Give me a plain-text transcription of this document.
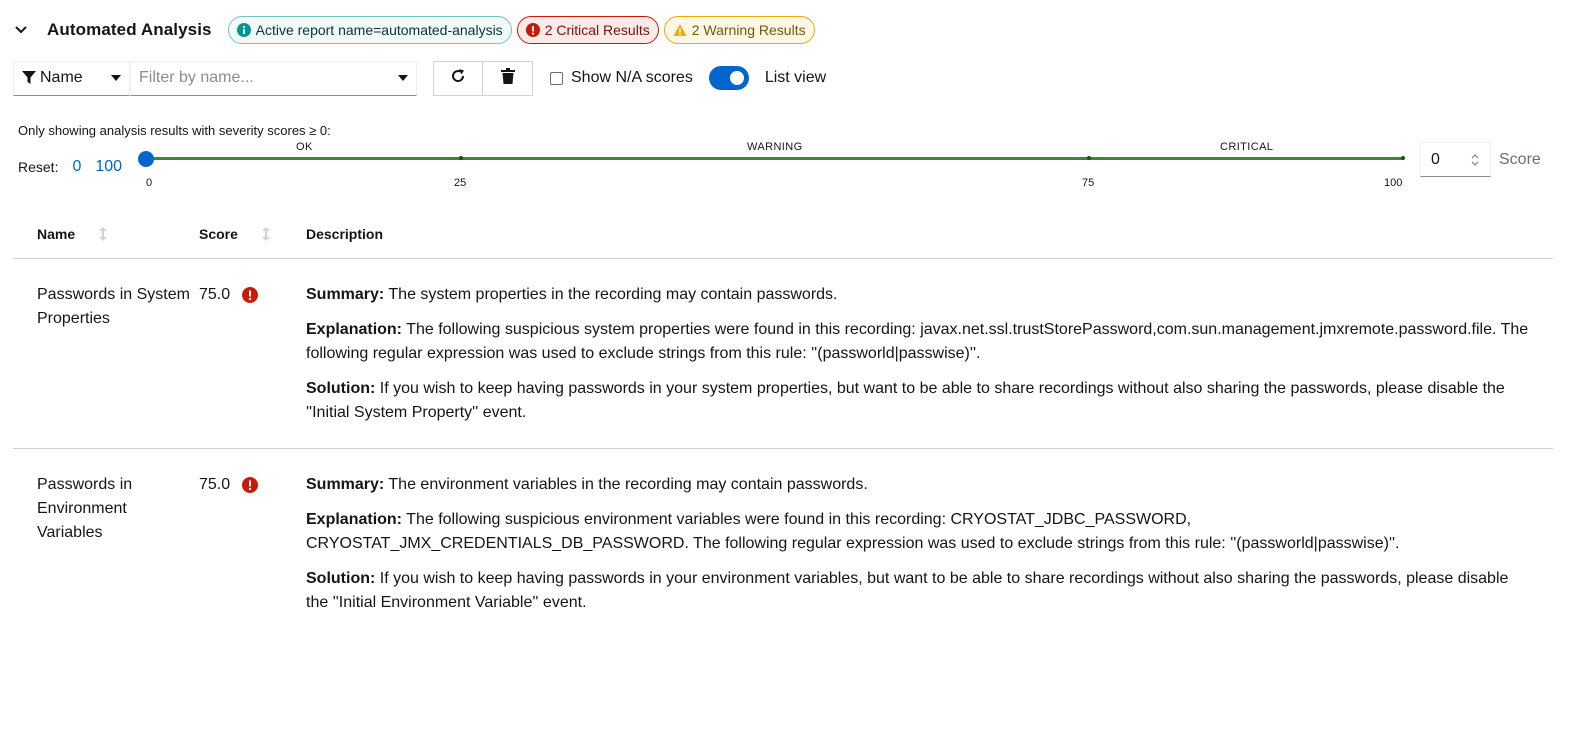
Automated Analysis	Active report name=automated-analysis	2 Critical Results	2 Warning Results
Name	Filter by name...	Show N/A scores	List view
Only showing analysis results with severity scores ≥ 0:
Reset: 0 100
OK	WARNING	CRITICAL
0	25	75	100
0	Score
Name	Score	Description
Passwords in System Properties
75.0	Summary: The system properties in the recording may contain passwords.

Explanation: The following suspicious system properties were found in this recording: javax.net.ssl.trustStorePassword,com.sun.management.jmxremote.password.file. The following regular expression was used to exclude strings from this rule: ''(passworld|passwise)''.

Solution: If you wish to keep having passwords in your system properties, but want to be able to share recordings without also sharing the passwords, please disable the ''Initial System Property'' event.

Passwords in Environment Variables
75.0	Summary: The environment variables in the recording may contain passwords.

Explanation: The following suspicious environment variables were found in this recording: CRYOSTAT_JDBC_PASSWORD, CRYOSTAT_JMX_CREDENTIALS_DB_PASSWORD. The following regular expression was used to exclude strings from this rule: ''(passworld|passwise)''.

Solution: If you wish to keep having passwords in your environment variables, but want to be able to share recordings without also sharing the passwords, please disable the ''Initial Environment Variable'' event.
